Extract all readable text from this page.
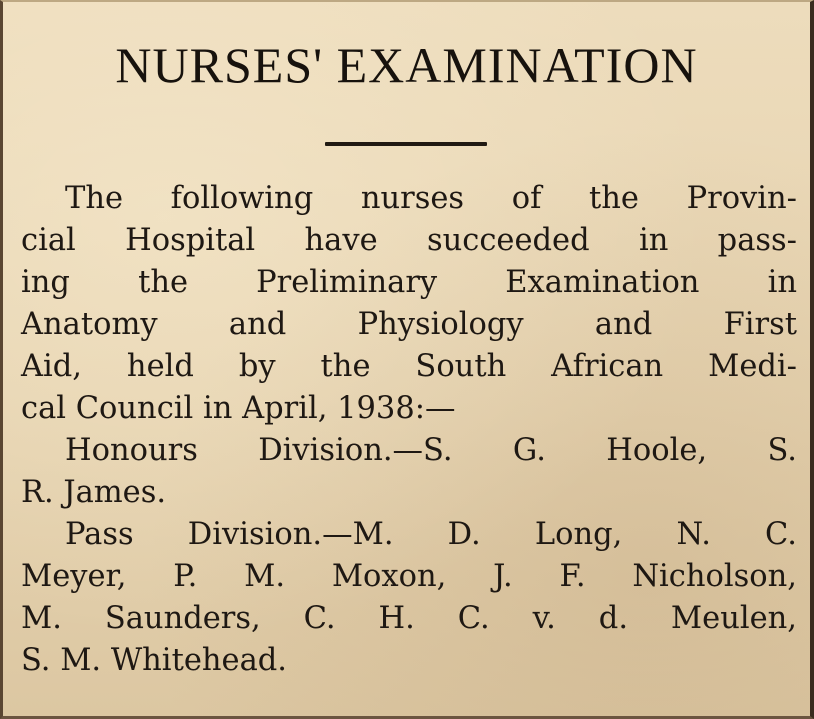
NURSES' EXAMINATION
The following nurses of the Provin-
cial Hospital have succeeded in pass-
ing the Preliminary Examination in
Anatomy and Physiology and First
Aid, held by the South African Medi-
cal Council in April, 1938:—
Honours Division.—S. G. Hoole, S.
R. James.
Pass Division.—M. D. Long, N. C.
Meyer, P. M. Moxon, J. F. Nicholson,
M. Saunders, C. H. C. v. d. Meulen,
S. M. Whitehead.
